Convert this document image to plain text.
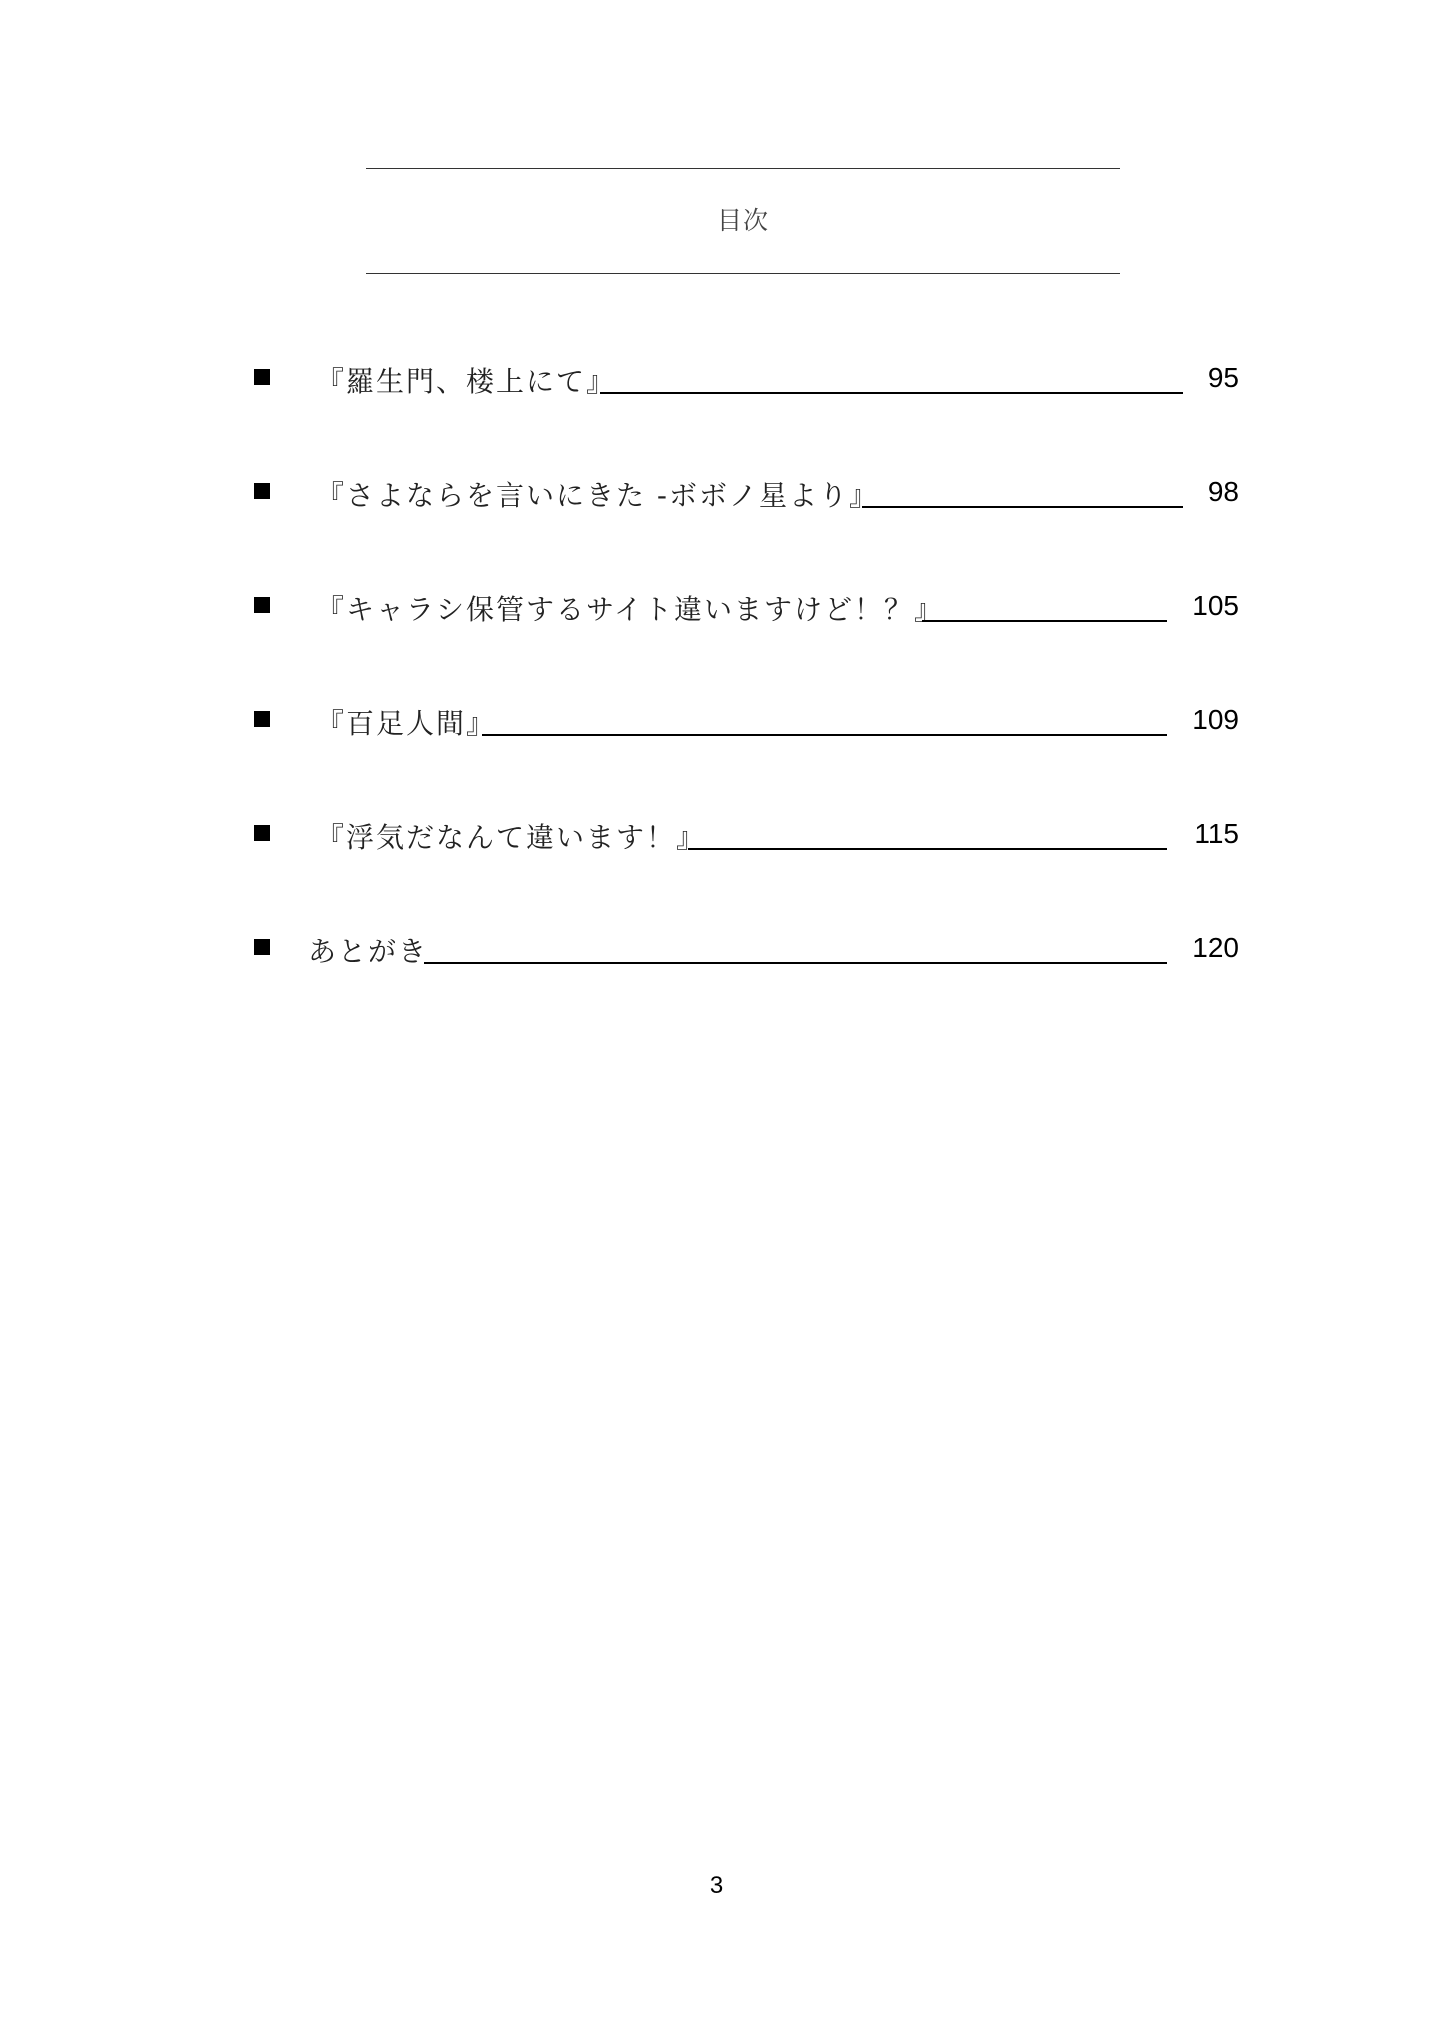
目次
『羅生門、楼上にて』	95
『さよならを言いにきた -ボボノ星より』	98
『キャラシ保管するサイト違いますけど！？』	105
『百足人間』	109
『浮気だなんて違います！』	115
あとがき	120
3
